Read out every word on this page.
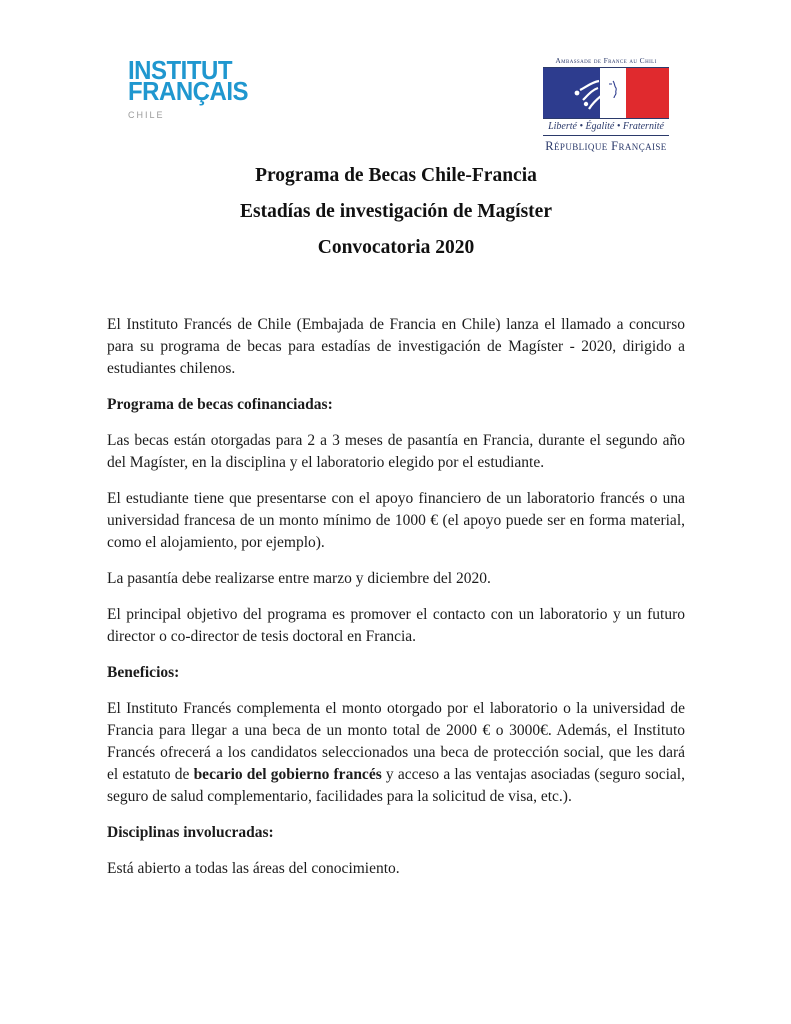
INSTITUT
FRANÇAIS
CHILE
Ambassade de France au Chili
Liberté • Égalité • Fraternité
République Française
Programa de Becas Chile-Francia
Estadías de investigación de Magíster
Convocatoria 2020

El Instituto Francés de Chile (Embajada de Francia en Chile) lanza el llamado a concurso para su programa de becas para estadías de investigación de Magíster - 2020, dirigido a estudiantes chilenos.

Programa de becas cofinanciadas:

Las becas están otorgadas para 2 a 3 meses de pasantía en Francia, durante el segundo año del Magíster, en la disciplina y el laboratorio elegido por el estudiante.

El estudiante tiene que presentarse con el apoyo financiero de un laboratorio francés o una universidad francesa de un monto mínimo de 1000 € (el apoyo puede ser en forma material, como el alojamiento, por ejemplo).

La pasantía debe realizarse entre marzo y diciembre del 2020.

El principal objetivo del programa es promover el contacto con un laboratorio y un futuro director o co-director de tesis doctoral en Francia.

Beneficios:

El Instituto Francés complementa el monto otorgado por el laboratorio o la universidad de Francia para llegar a una beca de un monto total de 2000 € o 3000€. Además, el Instituto Francés ofrecerá a los candidatos seleccionados una beca de protección social, que les dará el estatuto de becario del gobierno francés y acceso a las ventajas asociadas (seguro social, seguro de salud complementario, facilidades para la solicitud de visa, etc.).

Disciplinas involucradas:

Está abierto a todas las áreas del conocimiento.
